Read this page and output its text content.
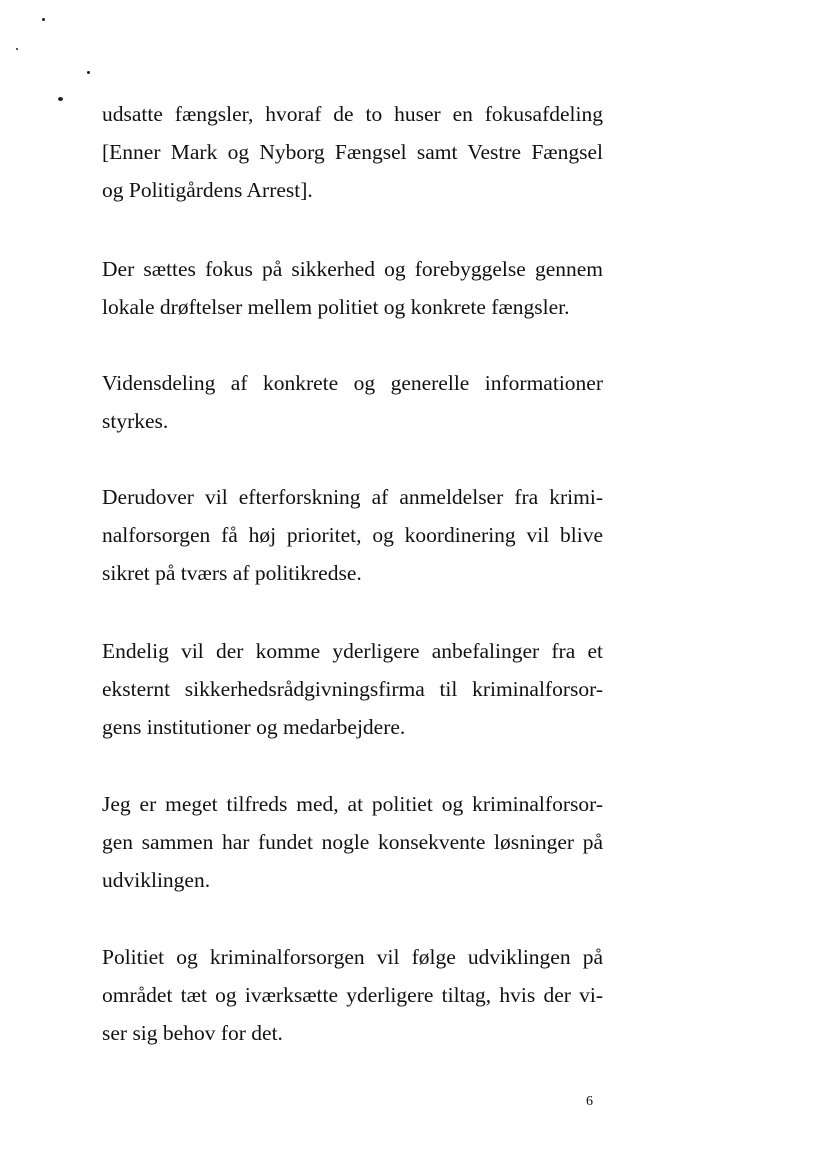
udsatte fængsler, hvoraf de to huser en fokusafdeling
[Enner Mark og Nyborg Fængsel samt Vestre Fængsel
og Politigårdens Arrest].

Der sættes fokus på sikkerhed og forebyggelse gennem
lokale drøftelser mellem politiet og konkrete fængsler.

Vidensdeling af konkrete og generelle informationer
styrkes.

Derudover vil efterforskning af anmeldelser fra krimi-
nalforsorgen få høj prioritet, og koordinering vil blive
sikret på tværs af politikredse.

Endelig vil der komme yderligere anbefalinger fra et
eksternt sikkerhedsrådgivningsfirma til kriminalforsor-
gens institutioner og medarbejdere.

Jeg er meget tilfreds med, at politiet og kriminalforsor-
gen sammen har fundet nogle konsekvente løsninger på
udviklingen.

Politiet og kriminalforsorgen vil følge udviklingen på
området tæt og iværksætte yderligere tiltag, hvis der vi-
ser sig behov for det.

6
